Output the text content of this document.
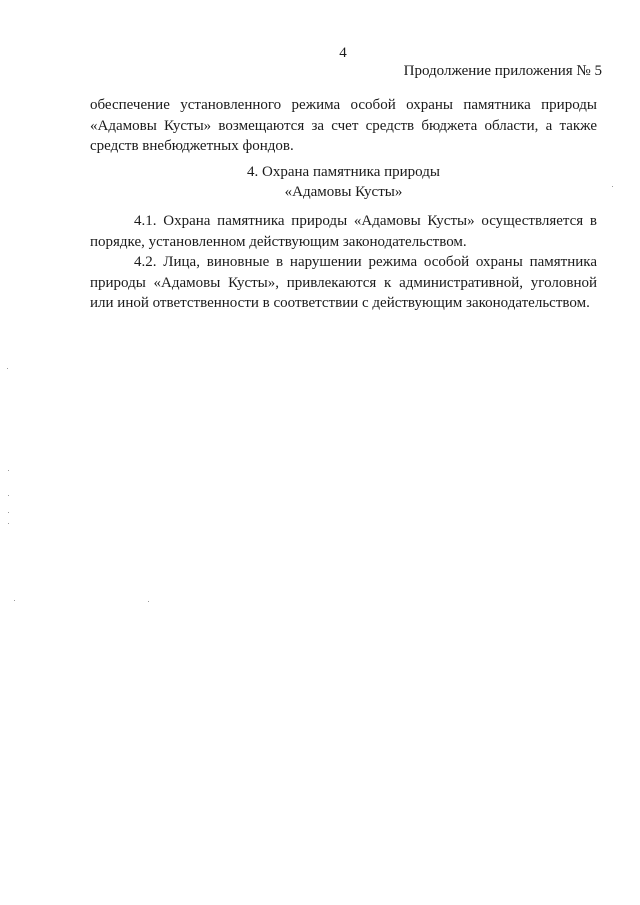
4
Продолжение приложения № 5

обеспечение установленного режима особой охраны памятника природы «Адамовы Кусты» возмещаются за счет средств бюджета области, а также средств внебюджетных фондов.

4. Охрана памятника природы
«Адамовы Кусты»

4.1. Охрана памятника природы «Адамовы Кусты» осуществляется в порядке, установленном действующим законодательством.

4.2. Лица, виновные в нарушении режима особой охраны памятника природы «Адамовы Кусты», привлекаются к административной, уголовной или иной ответственности в соответствии с действующим законодательством.
